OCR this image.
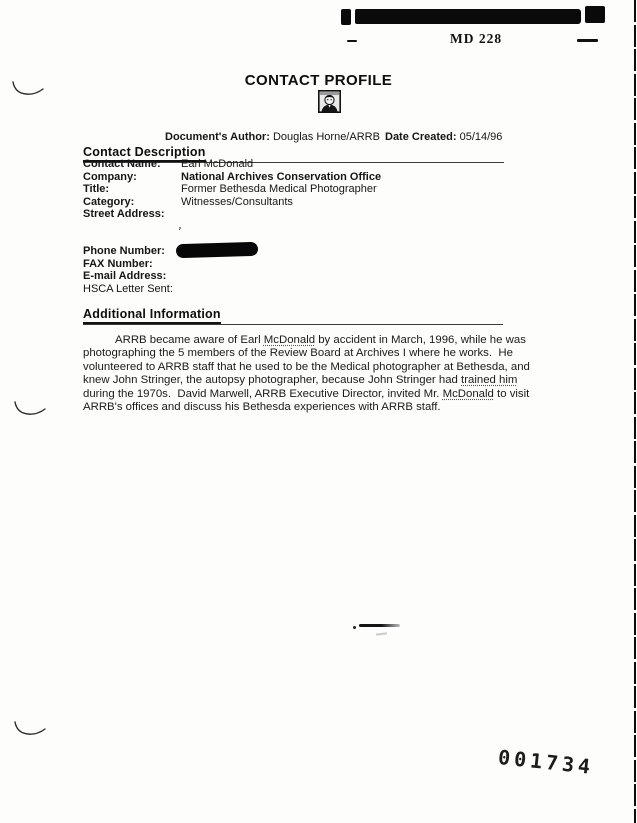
MD 228
CONTACT PROFILE
Document's Author: Douglas Horne/ARRB Date Created: 05/14/96
Contact Description
Contact Name: Earl McDonald
Company:	National Archives Conservation Office
Title:	Former Bethesda Medical Photographer
Category:	Witnesses/Consultants
Street Address:
’
Phone Number:
FAX Number:
E-mail Address:
HSCA Letter Sent:
Additional Information
ARRB became aware of Earl McDonald by accident in March, 1996, while he was
photographing the 5 members of the Review Board at Archives I where he works.  He
volunteered to ARRB staff that he used to be the Medical photographer at Bethesda, and
knew John Stringer, the autopsy photographer, because John Stringer had trained him
during the 1970s.  David Marwell, ARRB Executive Director, invited Mr. McDonald to visit
ARRB's offices and discuss his Bethesda experiences with ARRB staff.
001734
